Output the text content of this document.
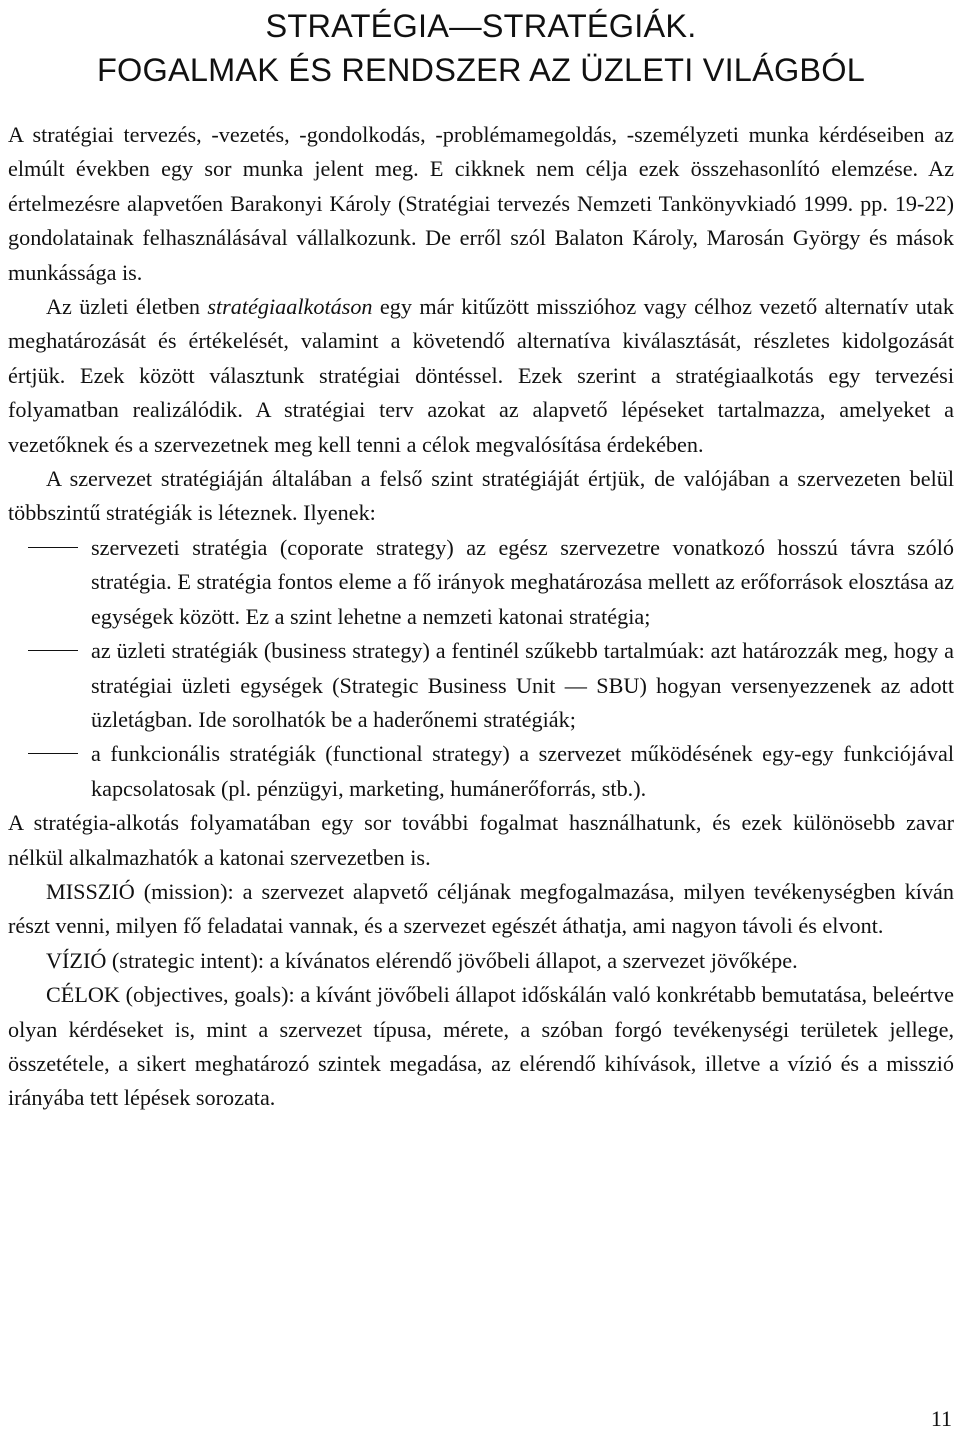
STRATÉGIA—STRATÉGIÁK.
FOGALMAK ÉS RENDSZER AZ ÜZLETI VILÁGBÓL

A stratégiai tervezés, -vezetés, -gondolkodás, -problémamegoldás, -személyzeti munka kérdéseiben az elmúlt években egy sor munka jelent meg. E cikknek nem célja ezek összehasonlító elemzése. Az értelmezésre alapvetően Barakonyi Károly (Stratégiai tervezés Nemzeti Tankönyvkiadó 1999. pp. 19-22) gondolatainak felhasználásával vállalkozunk. De erről szól Balaton Károly, Marosán György és mások munkássága is.

Az üzleti életben stratégiaalkotáson egy már kitűzött misszióhoz vagy célhoz vezető alternatív utak meghatározását és értékelését, valamint a követendő alternatíva kiválasztását, részletes kidolgozását értjük. Ezek között választunk stratégiai döntéssel. Ezek szerint a stratégiaalkotás egy tervezési folyamatban realizálódik. A stratégiai terv azokat az alapvető lépéseket tartalmazza, amelyeket a vezetőknek és a szervezetnek meg kell tenni a célok megvalósítása érdekében.

A szervezet stratégiáján általában a felső szint stratégiáját értjük, de valójában a szervezeten belül többszintű stratégiák is léteznek. Ilyenek:

szervezeti stratégia (coporate strategy) az egész szervezetre vonatkozó hosszú távra szóló stratégia. E stratégia fontos eleme a fő irányok meghatározása mellett az erőforrások elosztása az egységek között. Ez a szint lehetne a nemzeti katonai stratégia;
az üzleti stratégiák (business strategy) a fentinél szűkebb tartalmúak: azt határozzák meg, hogy a stratégiai üzleti egységek (Strategic Business Unit — SBU) hogyan versenyezzenek az adott üzletágban. Ide sorolhatók be a haderőnemi stratégiák;
a funkcionális stratégiák (functional strategy) a szervezet működésének egy-egy funkciójával kapcsolatosak (pl. pénzügyi, marketing, humánerőforrás, stb.).

A stratégia-alkotás folyamatában egy sor további fogalmat használhatunk, és ezek különösebb zavar nélkül alkalmazhatók a katonai szervezetben is.

MISSZIÓ (mission): a szervezet alapvető céljának megfogalmazása, milyen tevékenységben kíván részt venni, milyen fő feladatai vannak, és a szervezet egészét áthatja, ami nagyon távoli és elvont.

VÍZIÓ (strategic intent): a kívánatos elérendő jövőbeli állapot, a szervezet jövőképe.

CÉLOK (objectives, goals): a kívánt jövőbeli állapot időskálán való konkrétabb bemutatása, beleértve olyan kérdéseket is, mint a szervezet típusa, mérete, a szóban forgó tevékenységi területek jellege, összetétele, a sikert meghatározó szintek megadása, az elérendő kihívások, illetve a vízió és a misszió irányába tett lépések sorozata.

11
